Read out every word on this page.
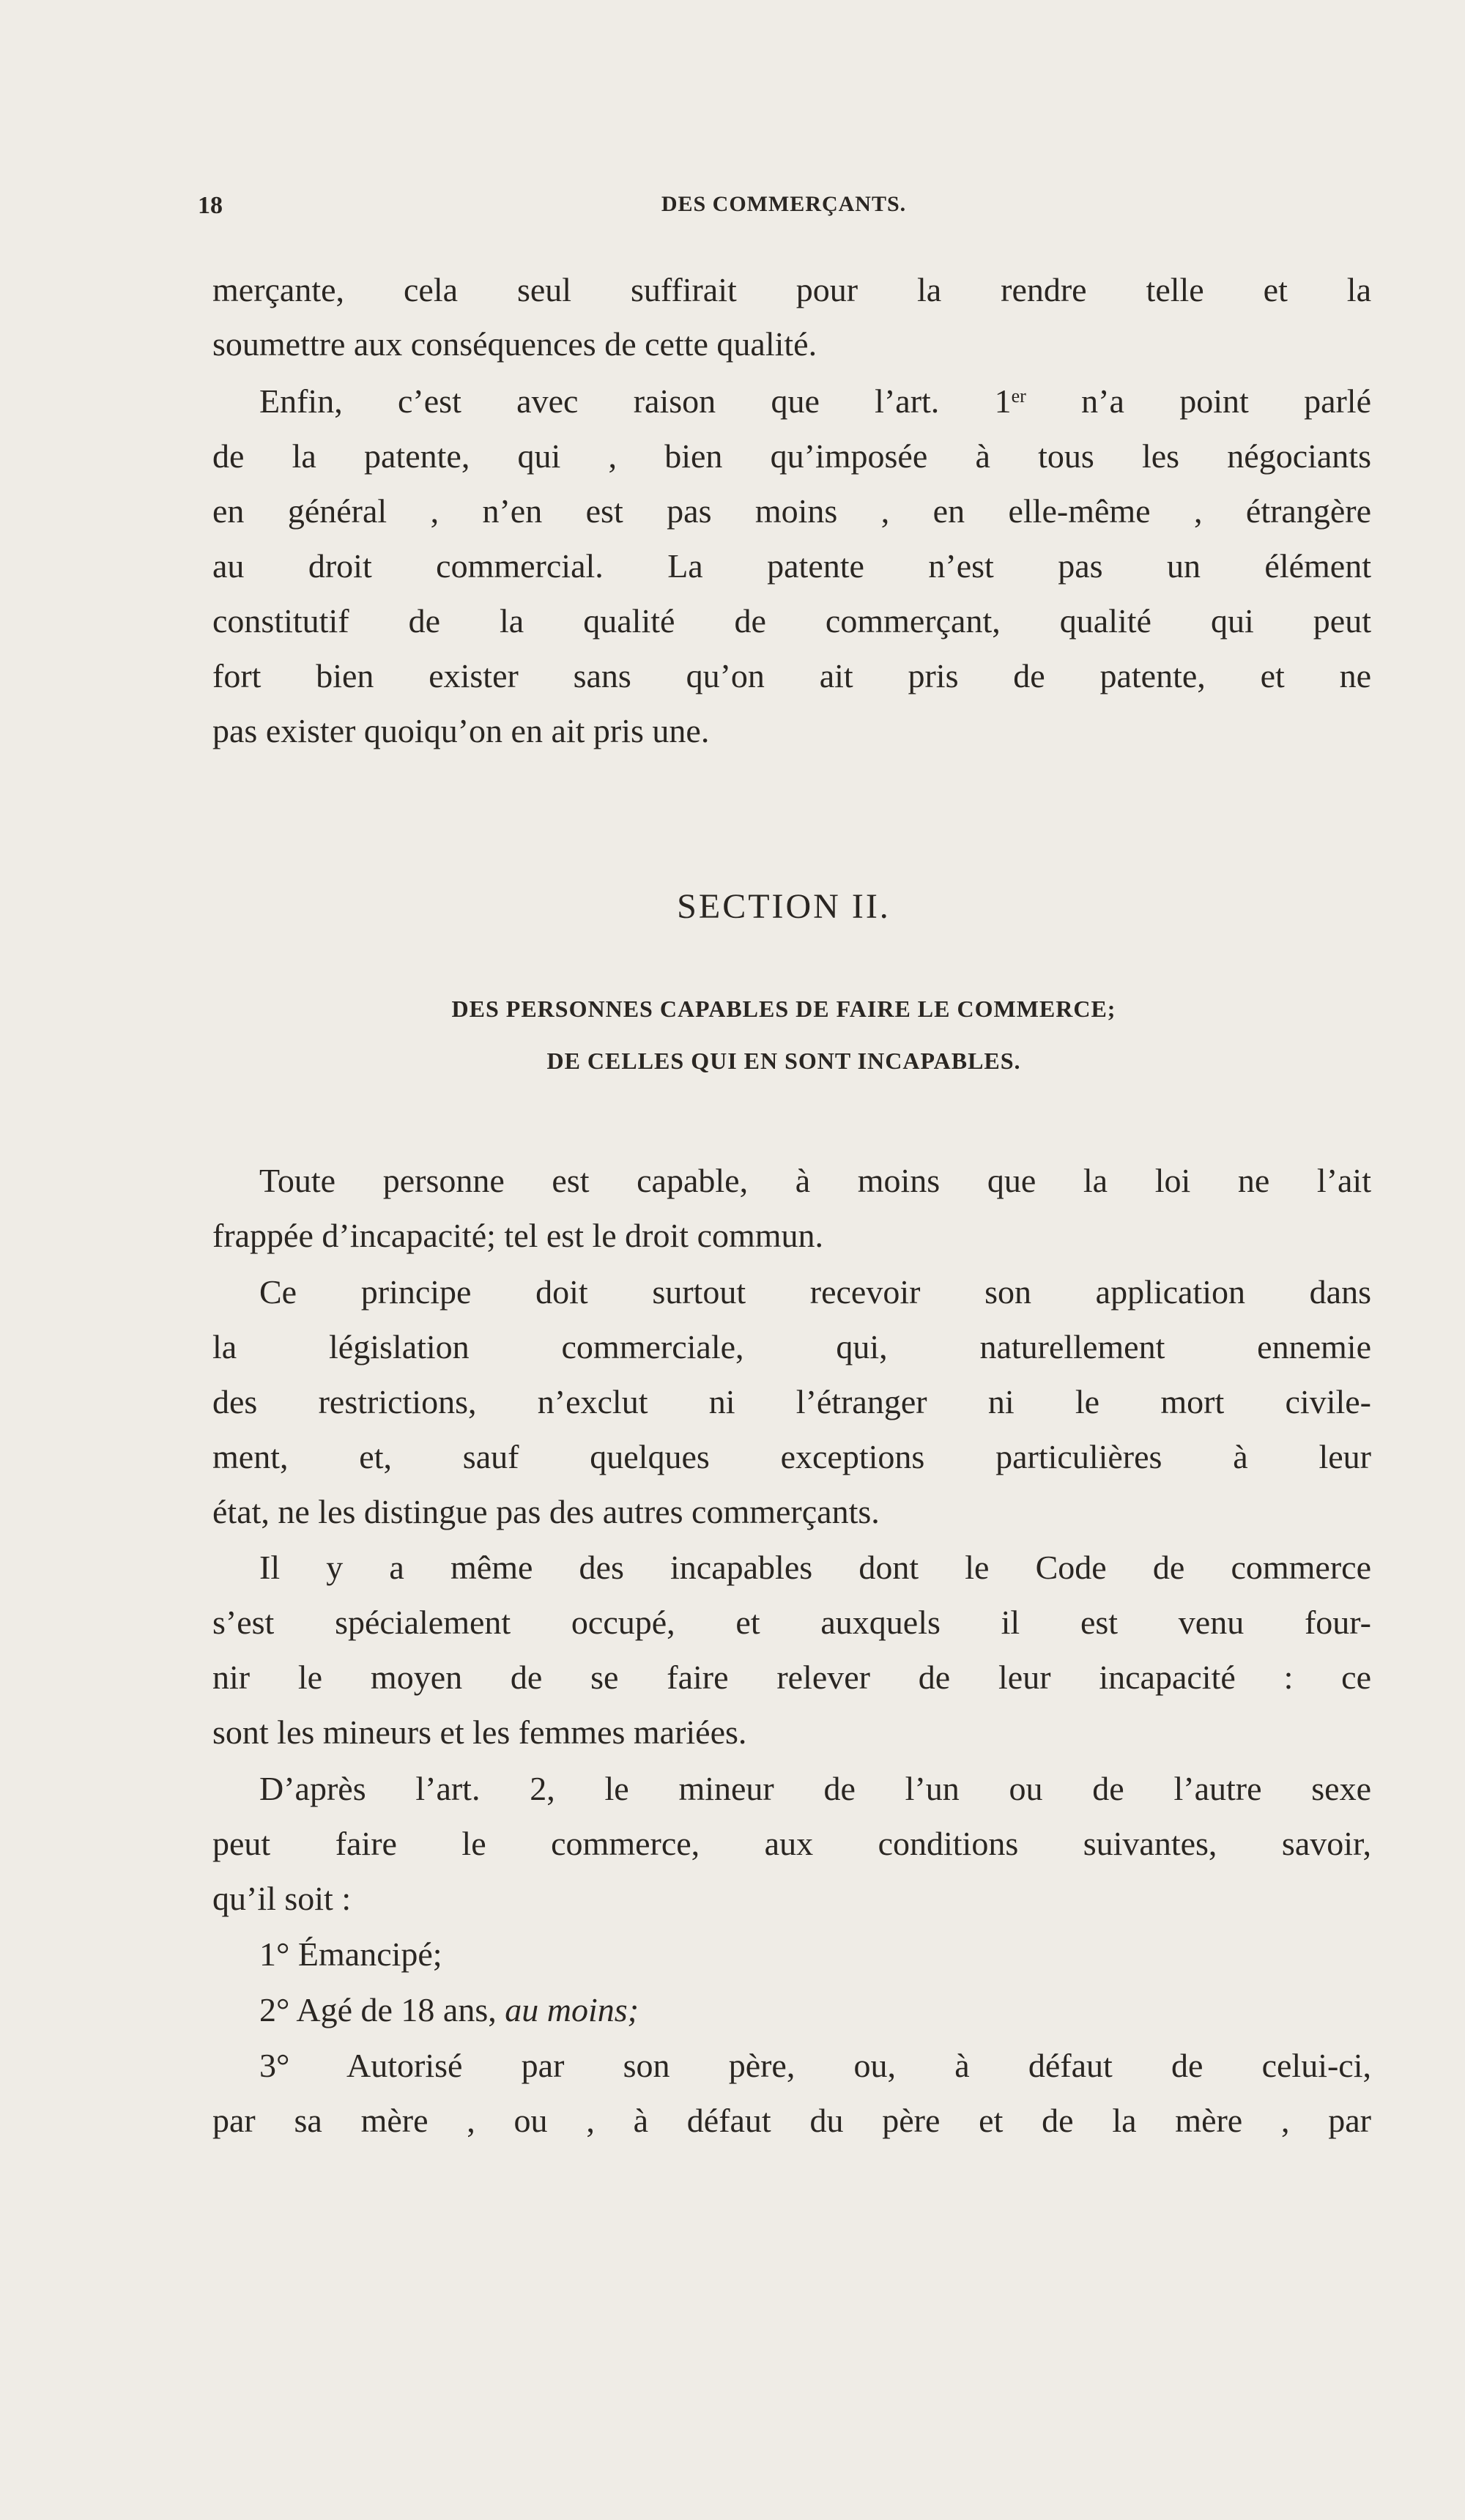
18	DES COMMERÇANTS.
merçante, cela seul suffirait pour la rendre telle et la
soumettre aux conséquences de cette qualité.
Enfin, c’est avec raison que l’art. 1er n’a point parlé
de la patente, qui , bien qu’imposée à tous les négociants
en général , n’en est pas moins , en elle-même , étrangère
au droit commercial. La patente n’est pas un élément
constitutif de la qualité de commerçant, qualité qui peut
fort bien exister sans qu’on ait pris de patente, et ne
pas exister quoiqu’on en ait pris une.
SECTION II.
DES PERSONNES CAPABLES DE FAIRE LE COMMERCE;
DE CELLES QUI EN SONT INCAPABLES.
Toute personne est capable, à moins que la loi ne l’ait
frappée d’incapacité; tel est le droit commun.
Ce principe doit surtout recevoir son application dans
la législation commerciale, qui, naturellement ennemie
des restrictions, n’exclut ni l’étranger ni le mort civile-
ment, et, sauf quelques exceptions particulières à leur
état, ne les distingue pas des autres commerçants.
Il y a même des incapables dont le Code de commerce
s’est spécialement occupé, et auxquels il est venu four-
nir le moyen de se faire relever de leur incapacité : ce
sont les mineurs et les femmes mariées.
D’après l’art. 2, le mineur de l’un ou de l’autre sexe
peut faire le commerce, aux conditions suivantes, savoir,
qu’il soit :
1° Émancipé;
2° Agé de 18 ans, au moins;
3° Autorisé par son père, ou, à défaut de celui-ci,
par sa mère , ou , à défaut du père et de la mère , par
